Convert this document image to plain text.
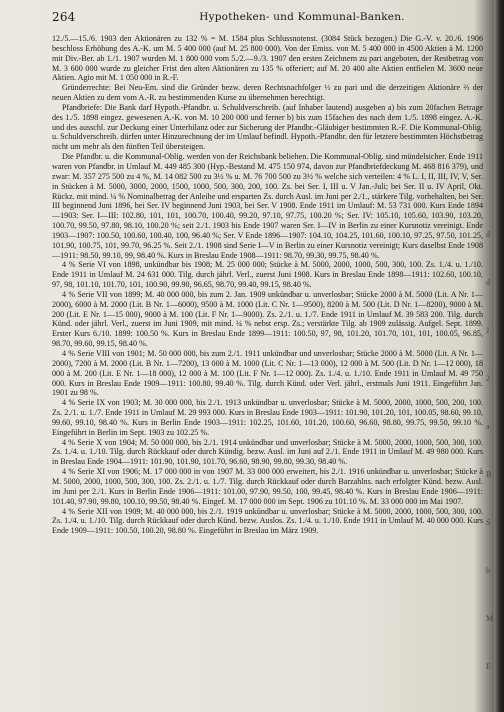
264	Hypotheken- und Kommunal-Banken.

12./5.—15./6. 1903 den Aktionären zu 132 % = M. 1584 plus Schlussnotenst. (3084 Stück bezogen.) Die G.-V. v. 20./6. 1906 beschloss Erhöhung des A.-K. um M. 5 400 000 (auf M. 25 800 000). Von der Emiss. von M. 5 400 000 in 4500 Aktien à M. 1200 mit Div.-Ber. ab 1./1. 1907 wurden M. 1 800 000 vom 5./2.—9./3. 1907 den ersten Zeichnern zu pari angeboten, der Restbetrag von M. 3 600 000 wurde zu gleicher Frist den alten Aktionären zu 135 % offeriert; auf M. 20 400 alte Aktien entfielen M. 3600 neue Aktien. Agio mit M. 1 050 000 in R.-F.

Gründerrechte: Bei Neu-Em. sind die Gründer bezw. deren Rechtsnachfolger ⅓ zu pari und die derzeitigen Aktionäre ⅔ der neuen Aktien zu dem vom A.-R. zu bestimmenden Kurse zu übernehmen berechtigt.

Pfandbriefe: Die Bank darf Hypoth.-Pfandbr. u. Schuldverschreib. (auf Inhaber lautend) ausgeben a) bis zum 20fachen Betrage des 1./5. 1898 eingez. gewesenen A.-K. von M. 10 200 000 und ferner b) bis zum 15fachen des nach dem 1./5. 1898 eingez. A.-K. und des ausschl. zur Deckung einer Unterbilanz oder zur Sicherung der Pfandbr.-Gläubiger bestimmten R.-F. Die Kommunal-Oblig. u. Schuldverschreib. dürfen unter Hinzurechnung der im Umlauf befindl. Hypoth.-Pfandbr. den für letztere bestimmten Höchstbetrag nicht um mehr als den fünften Teil übersteigen.

Die Pfandbr. u. die Kommunal-Oblig. werden von der Reichsbank beliehen. Die Kommunal-Oblig. sind mündelsicher. Ende 1911 waren von Pfandbr. in Umlauf M. 449 485 300 (Hyp.-Bestand M. 475 150 974, davon zur Pfandbriefdeckung M. 468 816 379), und zwar: M. 357 275 500 zu 4 %, M. 14 082 500 zu 3½ % u. M. 76 700 500 zu 3½ % welche sich verteilen: 4 % L. I, II, III, IV, V, Ser. in Stücken à M. 5000, 3000, 2000, 1500, 1000, 500, 300, 200, 100. Zs. bei Ser. I, III u. V Jan.-Juli; bei Ser. II u. IV April, Okt. Rückz. mit mind. ¼ % Nominalbetrag der Anleihe und ersparten Zs. durch Ausl. im Juni per 2./1., stärkere Tilg. vorbehalten, bei Ser. III beginnend Juni 1896, bei Ser. IV beginnend Juni 1903, bei Ser. V 1908. Ende 1911 im Umlauf: M. 53 731 000. Kurs Ende 1894—1903: Ser. I—III: 102.80, 101, 101, 100.70, 100.40, 99.20, 97.10, 97.75, 100.20 %; Ser. IV: 105.10, 105.60, 103.90, 103.20, 100.70, 99.50, 97.80, 98.10, 100.20 %; seit 2./1. 1903 bis Ende 1907 waren Ser. I—IV in Berlin zu einer Kursnotiz vereinigt. Ende 1903—1907: 100.50, 100.60, 100.40, 100, 96.40 %; Ser. V Ende 1896—1907: 104.10, 104.25, 101.60, 100.10, 97.25, 97.50, 101.25, 101.90, 100.75, 101, 99.70, 96.25 %. Seit 2./1. 1908 sind Serie I—V in Berlin zu einer Kursnotiz vereinigt; Kurs daselbst Ende 1908—1911: 98.50, 99.10, 99, 98.40 %. Kurs in Breslau Ende 1908—1911: 98.70, 99.30, 99.75, 98.40 %.

4 % Serie VI von 1898, unkündbar bis 1908; M. 25 000 000; Stücke à M. 5000, 2000, 1000, 500, 300, 100. Zs. 1./4. u. 1./10. Ende 1911 in Umlauf M. 24 631 000. Tilg. durch jährl. Verl., zuerst Juni 1908. Kurs in Breslau Ende 1898—1911: 102.60, 100.10, 97, 98, 101.10, 101.70, 101, 100.90, 99.90, 96.65, 98.70, 99.40, 99.15, 98.40 %.

4 % Serie VII von 1899; M. 40 000 000, bis zum 2. Jan. 1909 unkündbar u. unverlosbar; Stücke 2000 à M. 5000 (Lit. A Nr. 1—2000), 6000 à M. 2000 (Lit. B Nr. 1—6000), 9500 à M. 1000 (Lit. C Nr. 1—9500), 8200 à M. 500 (Lit. D Nr. 1—8200), 9000 à M. 200 (Lit. E Nr. 1—15 000), 9000 à M. 100 (Lit. F Nr. 1—9000). Zs. 2./1. u. 1./7. Ende 1911 in Umlauf M. 39 583 200. Tilg. durch Künd. oder jährl. Verl., zuerst im Juni 1909, mit mind. ¼ % nebst ersp. Zs.; verstärkte Tilg. ab 1909 zulässig. Aufgel. Sept. 1899. Erster Kurs 6./10. 1899: 100.50 %. Kurs in Breslau Ende 1899—1911: 100.50, 97, 98, 101.20, 101.70, 101, 101, 100.05, 96.85, 98.70, 99.60, 99.15, 98.40 %.

4 % Serie VIII von 1901; M. 50 000 000, bis zum 2./1. 1911 unkündbar und unverlosbar; Stücke 2000 à M. 5000 (Lit. A Nr. 1—2000), 7200 à M. 2000 (Lit. B Nr. 1—7200), 13 000 à M. 1000 (Lit. C Nr. 1—13 000), 12 000 à M. 500 (Lit. D Nr. 1—12 000), 18 000 à M. 200 (Lit. E Nr. 1—18 000), 12 000 à M. 100 (Lit. F Nr. 1—12 000). Zs. 1./4. u. 1./10. Ende 1911 in Umlauf M. 49 750 000. Kurs in Breslau Ende 1909—1911: 100.80, 99.40 %. Tilg. durch Künd. oder Verl. jährl., erstmals Juni 1911. Eingeführt Jan. 1901 zu 98 %.

4 % Serie IX von 1903; M. 30 000 000, bis 2./1. 1913 unkündbar u. unverlosbar; Stücke à M. 5000, 2000, 1000, 500, 200, 100. Zs. 2./1. u. 1./7. Ende 1911 in Umlauf M. 29 993 000. Kurs in Breslau Ende 1903—1911: 101.90, 101.20, 101, 100.05, 98.60, 99.10, 99.60, 99.10, 98.40 %. Kurs in Berlin Ende 1903—1911: 102.25, 101.60, 101.20, 100.60, 96.60, 98.80, 99.75, 99.50, 99.10 %. Eingeführt in Berlin im Sept. 1903 zu 102.25 %.

4 % Serie X von 1904; M. 50 000 000, bis 2./1. 1914 unkündbar und unverlosbar; Stücke à M. 5000, 2000, 1000, 500, 300, 100. Zs. 1./4. u. 1./10. Tilg. durch Rückkauf oder durch Kündig. bezw. Ausl. im Juni auf 2./1. Ende 1911 in Umlauf M. 49 980 000. Kurs in Breslau Ende 1904—1911: 101.90, 101.90, 101.70, 96.60, 98.90, 99.80, 99.30, 98.40 %.

4 % Serie XI von 1906; M. 17 000 000 in von 1907 M. 33 000 000 erweitert, bis 2./1. 1916 unkündbar u. unverlosbar; Stücke à M. 5000, 2000, 1000, 500, 300, 100. Zs. 2./1. u. 1./7. Tilg. durch Rückkauf oder durch Barzahlns. nach erfolgter Künd. bezw. Ausl. im Juni per 2./1. Kurs in Berlin Ende 1906—1911: 101.00, 97.90, 99.50, 100, 99.45, 98.40 %. Kurs in Breslau Ende 1906—1911: 101.40, 97.90, 99.80, 100.10, 99.50, 98.40 %. Eingef. M. 17 000 000 im Sept. 1906 zu 101.10 %. M. 33 000 000 im Mai 1907.

4 % Serie XII von 1909; M. 40 000 000, bis 2./1. 1919 unkündbar u. unverlosbar; Stücke à M. 5000, 2000, 1000, 500, 300, 100. Zs. 1./4. u. 1./10. Tilg. durch Rückkauf oder durch Künd. bezw. Auslos. Zs. 1./4. u. 1./10. Ende 1911 in Umlauf M. 40 000 000. Kurs Ende 1909—1911: 100.50, 100.20, 98.80 %. Eingeführt in Breslau im März 1909.

d
d
J
2
a
B
S
b
M
E
